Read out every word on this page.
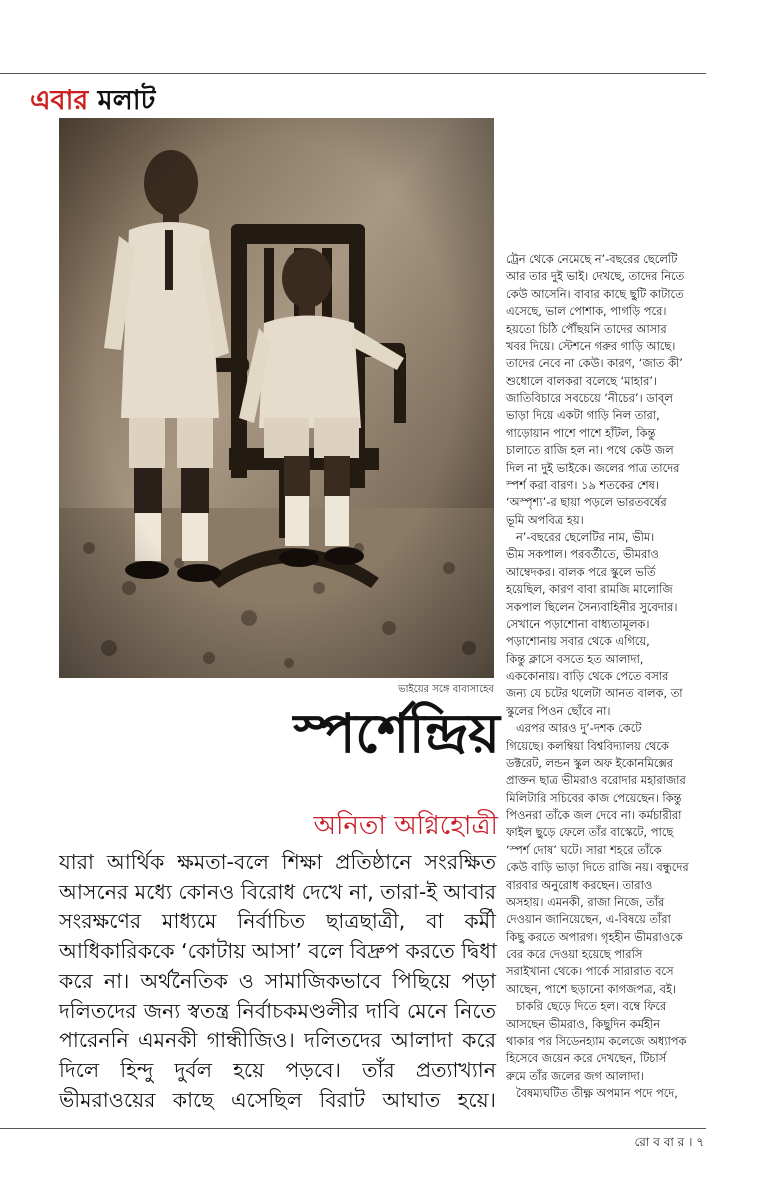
এবার মলাট
ভাইয়ের সঙ্গে বাবাসাহেব
স্পর্শেন্দ্রিয়
অনিতা অগ্নিহোত্রী
যারা আর্থিক ক্ষমতা-বলে শিক্ষা প্রতিষ্ঠানে সংরক্ষিত
আসনের মধ্যে কোনও বিরোধ দেখে না, তারা-ই আবার
সংরক্ষণের মাধ্যমে নির্বাচিত ছাত্রছাত্রী, বা কর্মী
আধিকারিককে ‘কোটায় আসা’ বলে বিদ্রুপ করতে দ্বিধা
করে না। অর্থনৈতিক ও সামাজিকভাবে পিছিয়ে পড়া
দলিতদের জন্য স্বতন্ত্র নির্বাচকমণ্ডলীর দাবি মেনে নিতে
পারেননি এমনকী গান্ধীজিও। দলিতদের আলাদা করে
দিলে হিন্দু দুর্বল হয়ে পড়বে। তাঁর প্রত্যাখ্যান
ভীমরাওয়ের কাছে এসেছিল বিরাট আঘাত হয়ে।
ট্রেন থেকে নেমেছে ন’-বছরের ছেলেটি
আর তার দুই ভাই। দেখছে, তাদের নিতে
কেউ আসেনি। বাবার কাছে ছুটি কাটাতে
এসেছে, ভাল পোশাক, পাগড়ি পরে।
হয়তো চিঠি পৌঁছয়নি তাদের আসার
খবর দিয়ে। স্টেশনে গরুর গাড়ি আছে।
তাদের নেবে না কেউ। কারণ, ‘জাত কী’
শুধোলে বালকরা বলেছে ‘মাহার’।
জাতিবিচারে সবচেয়ে ‘নীচের’। ডাব্‌ল
ভাড়া দিয়ে একটা গাড়ি নিল তারা,
গাড়োয়ান পাশে পাশে হাঁটল, কিন্তু
চালাতে রাজি হল না। পথে কেউ জল
দিল না দুই ভাইকে। জলের পাত্র তাদের
স্পর্শ করা বারণ। ১৯ শতকের শেষ।
‘অস্পৃশ্য’-র ছায়া পড়লে ভারতবর্ষের
ভূমি অপবিত্র হয়।
ন’-বছরের ছেলেটির নাম, ভীম।
ভীম সকপাল। পরবর্তীতে, ভীমরাও
আম্বেদকর। বালক পরে স্কুলে ভর্তি
হয়েছিল, কারণ বাবা রামজি মালোজি
সকপাল ছিলেন সৈন্যবাহিনীর সুবেদার।
সেখানে পড়াশোনা বাধ্যতামূলক।
পড়াশোনায় সবার থেকে এগিয়ে,
কিন্তু ক্লাসে বসতে হত আলাদা,
এককোনায়। বাড়ি থেকে পেতে বসার
জন্য যে চটের থলেটা আনত বালক, তা
স্কুলের পিওন ছোঁবে না।
এরপর আরও দু’-দশক কেটে
গিয়েছে। কলম্বিয়া বিশ্ববিদ্যালয় থেকে
ডক্টরেট, লন্ডন স্কুল অফ ইকোনমিক্সের
প্রাক্তন ছাত্র ভীমরাও বরোদার মহারাজার
মিলিটারি সচিবের কাজ পেয়েছেন। কিন্তু
পিওনরা তাঁকে জল দেবে না। কর্মচারীরা
ফাইল ছুড়ে ফেলে তাঁর বাস্কেটে, পাছে
‘স্পর্শ দোষ’ ঘটে। সারা শহরে তাঁকে
কেউ বাড়ি ভাড়া দিতে রাজি নয়। বন্ধুদের
বারবার অনুরোধ করছেন। তারাও
অসহায়। এমনকী, রাজা নিজে, তাঁর
দেওয়ান জানিয়েছেন, এ-বিষয়ে তাঁরা
কিছু করতে অপারগ। গৃহহীন ভীমরাওকে
বের করে দেওয়া হয়েছে পারসি
সরাইখানা থেকে। পার্কে সারারাত বসে
আছেন, পাশে ছড়ানো কাগজপত্র, বই।
চাকরি ছেড়ে দিতে হল। বম্বে ফিরে
আসছেন ভীমরাও, কিছুদিন কর্মহীন
থাকার পর সিডেনহ্যাম কলেজে অধ্যাপক
হিসেবে জয়েন করে দেখছেন, টিচার্স
রুমে তাঁর জলের জগ আলাদা।
বৈষম্যঘটিত তীক্ষ্ণ অপমান পদে পদে,
রো ব বা র । ৭
